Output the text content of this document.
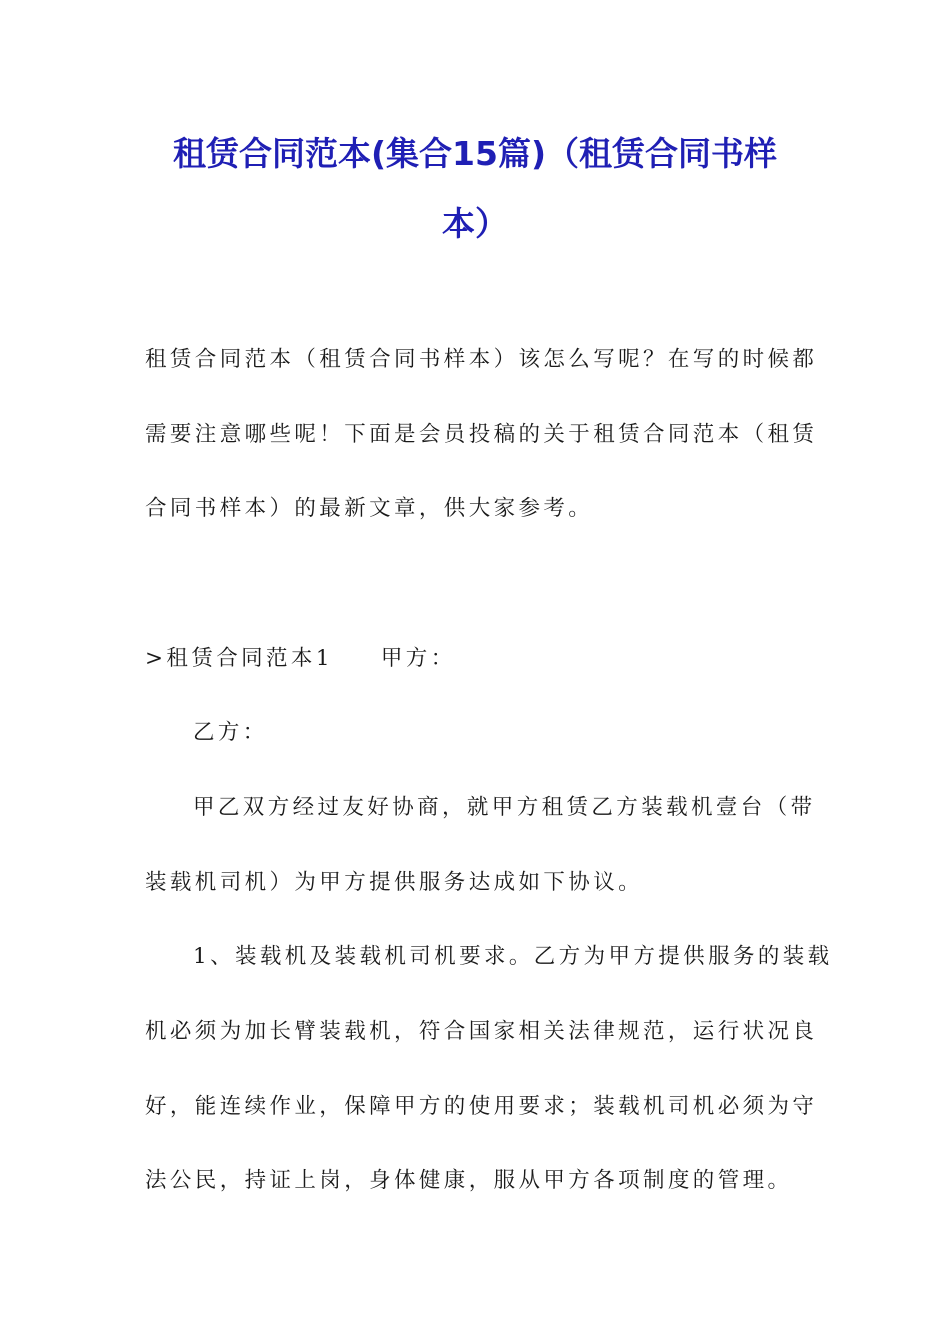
租赁合同范本(集合15篇)（租赁合同书样
本）
租赁合同范本（租赁合同书样本）该怎么写呢？在写的时候都
需要注意哪些呢！下面是会员投稿的关于租赁合同范本（租赁
合同书样本）的最新文章，供大家参考。
>租赁合同范本1 甲方：
乙方：
甲乙双方经过友好协商，就甲方租赁乙方装载机壹台（带
装载机司机）为甲方提供服务达成如下协议。
1、装载机及装载机司机要求。乙方为甲方提供服务的装载
机必须为加长臂装载机，符合国家相关法律规范，运行状况良
好，能连续作业，保障甲方的使用要求；装载机司机必须为守
法公民，持证上岗，身体健康，服从甲方各项制度的管理。
